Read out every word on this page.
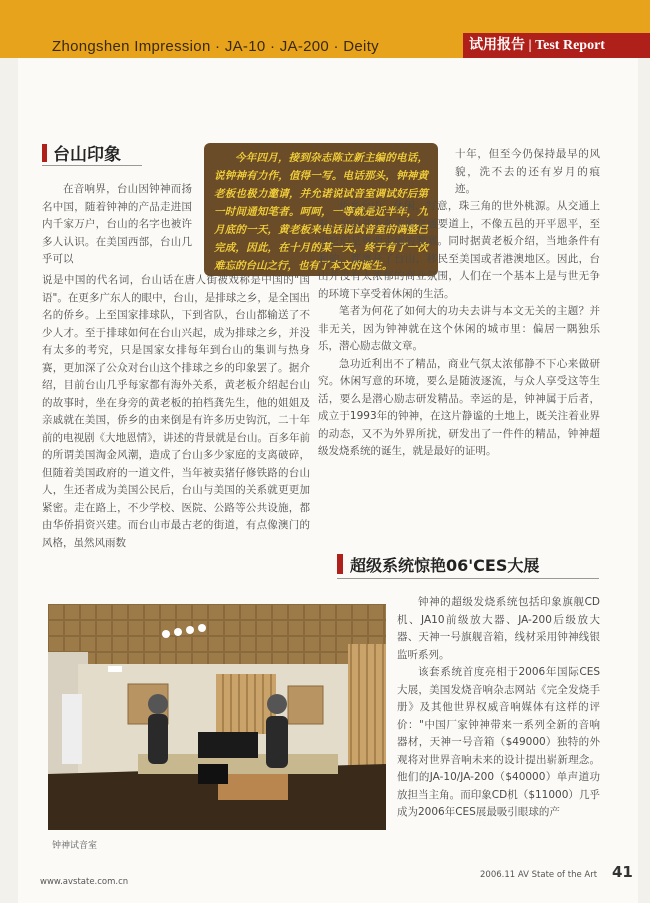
Zhongshen Impression · JA-10 · JA-200 · Deity	试用报告 | Test Report
台山印象

在音响界，台山因钟神而扬名中国，随着钟神的产品走进国内千家万户，台山的名字也被许多人认识。在美国西部，台山几乎可以

今年四月，接到杂志陈立新主编的电话，说钟神有力作，值得一写。电话那头，钟神黄老板也极力邀请，并允诺说试音室调试好后第一时间通知笔者。呵呵，一等就是近半年，九月底的一天，黄老板来电话说试音室的调整已完成，因此，在十月的某一天，终于有了一次难忘的台山之行，也有了本文的诞生。

说是中国的代名词，台山话在唐人街被戏称是中国的"国语"。在更多广东人的眼中，台山，是排球之乡，是全国出名的侨乡。上至国家排球队，下到省队，台山都输送了不少人才。至于排球如何在台山兴起，成为排球之乡，并没有太多的考究，只是国家女排每年到台山的集训与热身赛，更加深了公众对台山这个排球之乡的印象罢了。据介绍，目前台山几乎每家都有海外关系，黄老板介绍起台山的故事时，坐在身旁的黄老板的拍档龚先生，他的姐姐及亲戚就在美国，侨乡的由来倒是有许多历史钩沉，二十年前的电视剧《大地恩情》，讲述的背景就是台山。百多年前的所谓美国淘金风潮，造成了台山多少家庭的支离破碎，但随着美国政府的一道文件，当年被卖猪仔修铁路的台山人，生还者成为美国公民后，台山与美国的关系就更更加紧密。走在路上，不少学校、医院、公路等公共设施，都由华侨捐资兴建。而台山市最古老的街道，有点像澳门的风格，虽然风雨数

十年，但至今仍保持最早的风貌，洗不去的还有岁月的痕迹。

侨乡台山，休闲，写意，珠三角的世外桃源。从交通上看，台山并不在主流交通要道上，不像五邑的开平恩平，至少它们是粤西走廊的要塞。同时据黄老板介绍，当地条件有利的，都离开了台山，移民至美国或者港澳地区。因此，台山并没有太浓郁的商业氛围，人们在一个基本上是与世无争的环境下享受着休闲的生活。

笔者为何花了如何大的功夫去讲与本文无关的主题？并非无关，因为钟神就在这个休闲的城市里：偏居一隅独乐乐，潜心励志做文章。

急功近利出不了精品，商业气氛太浓郁静不下心来做研究。休闲写意的环境，要么是随波逐流，与众人享受这等生活，要么是潜心励志研发精品。幸运的是，钟神属于后者，成立于1993年的钟神，在这片静谧的土地上，既关注着业界的动态，又不为外界所扰，研发出了一件件的精品，钟神超级发烧系统的诞生，就是最好的证明。

超级系统惊艳06'CES大展

钟神的超级发烧系统包括印象旗舰CD机、JA10前级放大器、JA-200后级放大器、天神一号旗舰音箱，线材采用钟神线银监听系列。

该套系统首度亮相于2006年国际CES大展，美国发烧音响杂志网站《完全发烧手册》及其他世界权威音响媒体有这样的评价："中国厂家钟神带来一系列全新的音响器材，天神一号音箱（$49000）独特的外观将对世界音响未来的设计提出崭新理念。他们的JA-10/JA-200（$40000）单声道功放担当主角。而印象CD机（$11000）几乎成为2006年CES展最吸引眼球的产

钟神试音室
www.avstate.com.cn
2006.11 AV State of the Art 41
